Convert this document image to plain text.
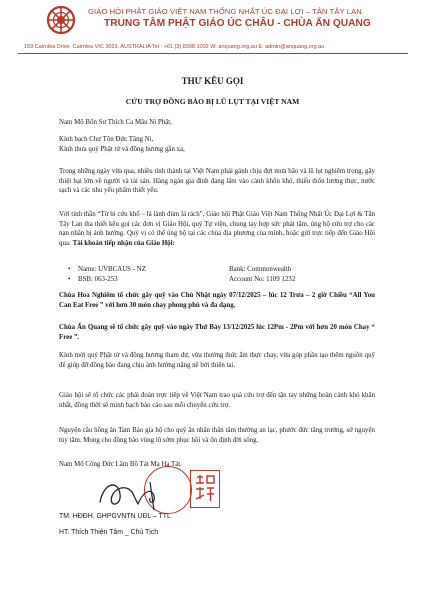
GIÁO HỘI PHẬT GIÁO VIỆT NAM THỐNG NHẤT ÚC ĐẠI LỢI – TÂN TÂY LAN
TRUNG TÂM PHẬT GIÁO ÚC CHÂU - CHÙA ẤN QUANG
159 Cairnlea Drive, Cairnlea VIC 3023, AUSTRALIA Tel : +61 (3) 8308 1002 W: anquang.org.au E: admin@anquang.org.au
THƯ KÊU GỌI
CỨU TRỢ ĐỒNG BÀO BỊ LŨ LỤT TẠI VIỆT NAM
Nam Mô Bổn Sư Thích Ca Mâu Ni Phật,
Kính bạch Chư Tôn Đức Tăng Ni,
Kính thưa quý Phật tử và đồng hương gần xa,
Trong những ngày vừa qua, nhiều tỉnh thành tại Việt Nam phải gánh chịu đợt mưa bão và lũ lụt nghiêm trọng, gây thiệt hại lớn về người và tài sản. Hàng ngàn gia đình đang lâm vào cảnh khốn khó, thiếu thốn lương thực, nước sạch và các nhu yếu phẩm thiết yếu.
Với tinh thần “Từ bi cứu khổ – lá lành đùm lá rách”, Giáo hội Phật Giáo Việt Nam Thống Nhất Úc Đại Lợi & Tân Tây Lan tha thiết kêu gọi các đơn vị Giáo Hội, quý Tự viện, chung tay hợp sức phát tâm, ủng hộ cứu trợ cho các nạn nhân bị ảnh hưởng. Quý vị có thể ủng hộ tại các chùa địa phương của mình, hoặc gửi trực tiếp đến Giáo Hội qua: Tài khoản tiếp nhận của Giáo Hội:
• Name: UVBCAUS - NZ
• BSB: 063-253
Bank: Commonwealth
Account No: 1109 1232
Chùa Hoa Nghiêm tổ chức gây quỹ vào Chủ Nhật ngày 07/12/2025 – lúc 12 Trưa – 2 giờ Chiều “All You Can Eat Free ” với hơn 30 món chay phong phú và đa dạng.
Chùa Ấn Quang sẽ tổ chức gây quỹ vào ngày Thứ Bảy 13/12/2025 lúc 12Pm - 2Pm với hơn 20 món Chay “ Free ”.
Kính mời quý Phật tử và đồng hương tham dự, vừa thưởng thức ẩm thực chay, vừa góp phần tạo thêm nguồn quỹ để giúp đỡ đồng bào đang chịu ảnh hưởng nặng nề bởi thiên tai.
Giáo hội sẽ tổ chức các phái đoàn trực tiếp về Việt Nam trao quà cứu trợ đến tận tay những hoàn cảnh khó khăn nhất, đồng thời sẽ minh bạch báo cáo sau mỗi chuyến cứu trợ.
Nguyện cầu hồng ân Tam Bảo gia hộ cho quý ân nhân thân tâm thường an lạc, phước đức tăng trưởng, sở nguyện tùy tâm. Mong cho đồng bào vùng lũ sớm phục hồi và ổn định đời sống.
Nam Mô Công Đức Lâm Bồ Tát Ma Ha Tát.
TM. HĐĐH. GHPGVNTN UĐL – TTL
HT. Thích Thiện Tâm _ Chủ Tịch
